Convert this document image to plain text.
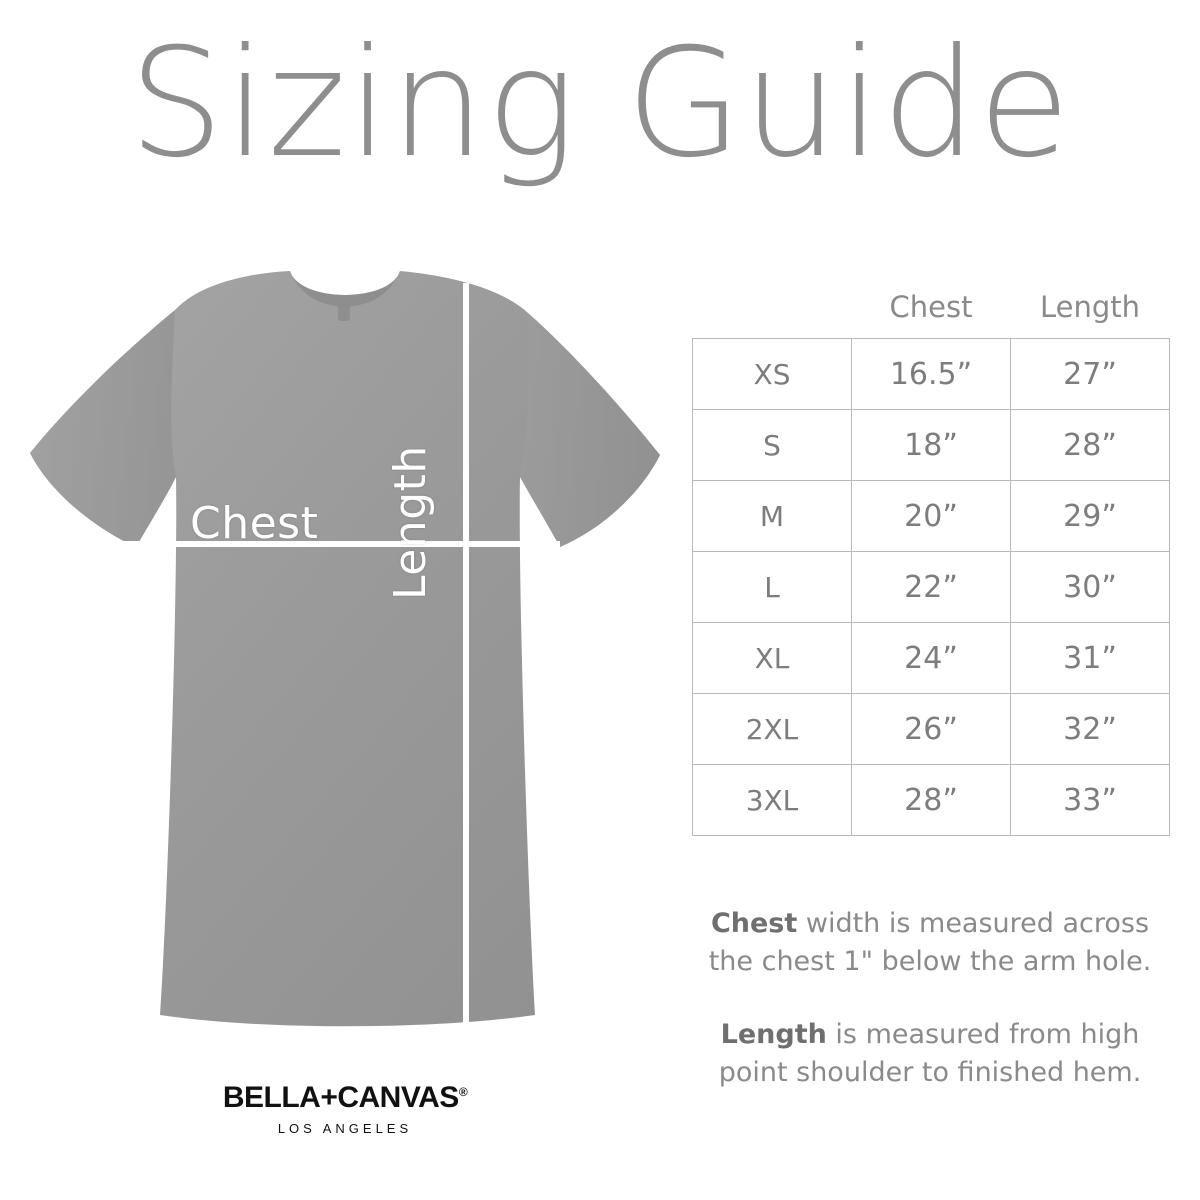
Sizing Guide
Chest Length
BELLA+CANVAS®
LOS ANGELES
	Chest	Length
XS	16.5”	27”
S	18”	28”
M	20”	29”
L	22”	30”
XL	24”	31”
2XL	26”	32”
3XL	28”	33”

Chest width is measured across the chest 1" below the arm hole.

Length is measured from high point shoulder to finished hem.
